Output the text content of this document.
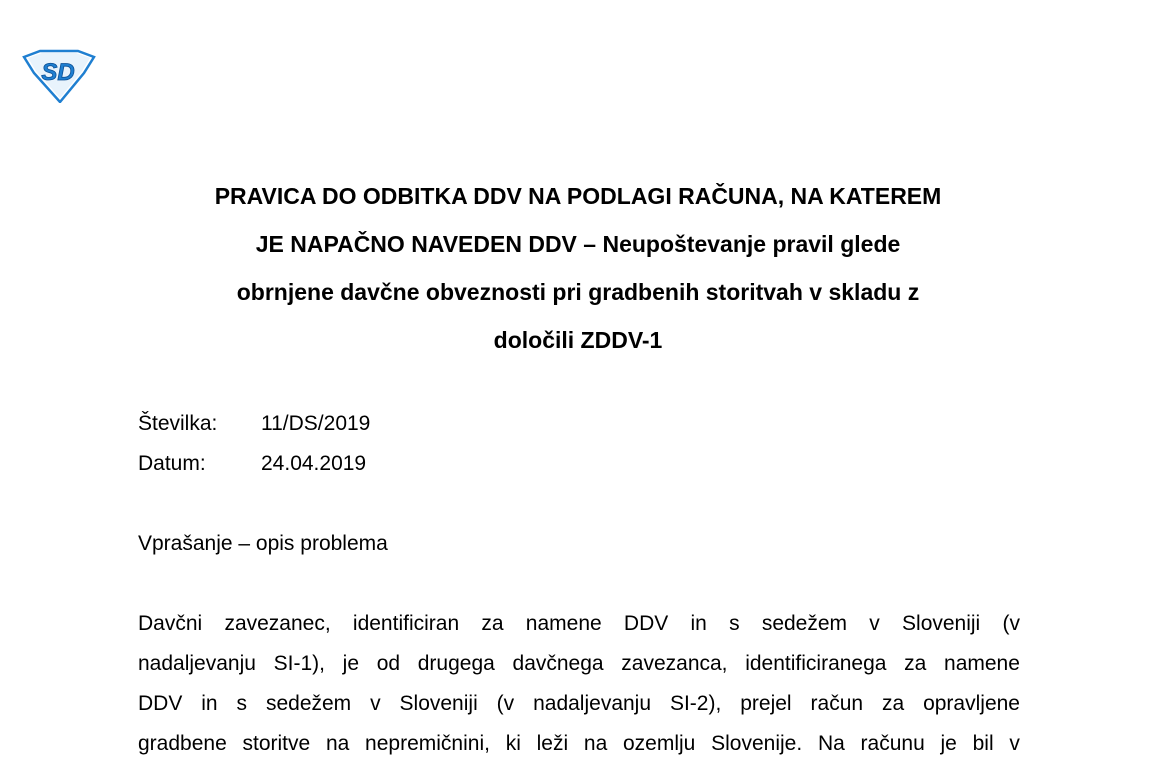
SD
PRAVICA DO ODBITKA DDV NA PODLAGI RAČUNA, NA KATEREM
JE NAPAČNO NAVEDEN DDV – Neupoštevanje pravil glede
obrnjene davčne obveznosti pri gradbenih storitvah v skladu z
določili ZDDV-1
Številka:	11/DS/2019
Datum:	24.04.2019
Vprašanje – opis problema
Davčni zavezanec, identificiran za namene DDV in s sedežem v Sloveniji (v
nadaljevanju SI-1), je od drugega davčnega zavezanca, identificiranega za namene
DDV in s sedežem v Sloveniji (v nadaljevanju SI-2), prejel račun za opravljene
gradbene storitve na nepremičnini, ki leži na ozemlju Slovenije. Na računu je bil v
